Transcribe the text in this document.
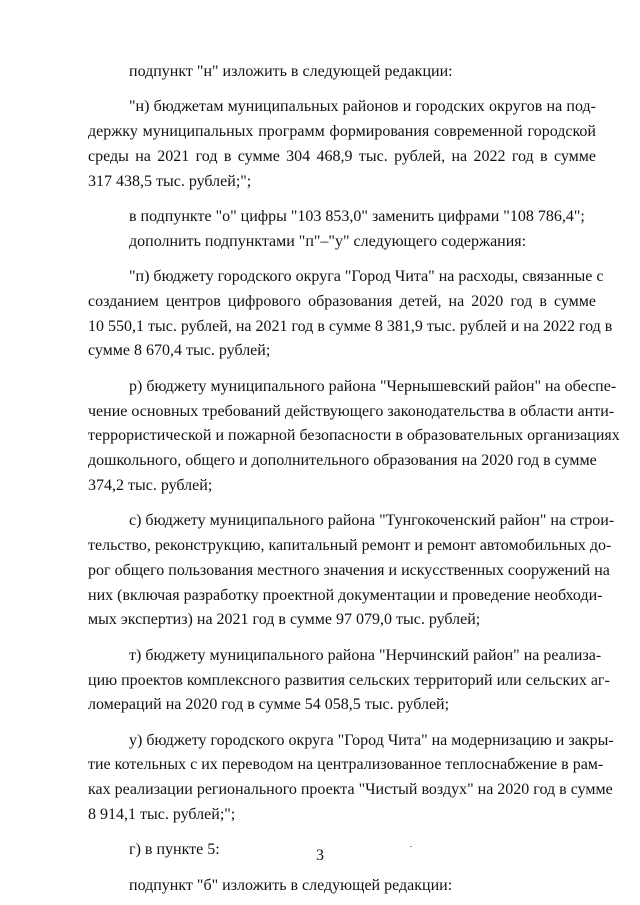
подпункт "н" изложить в следующей редакции:
"н) бюджетам муниципальных районов и городских округов на под-
держку муниципальных программ формирования современной городской
среды на 2021 год в сумме 304 468,9 тыс. рублей, на 2022 год в сумме
317 438,5 тыс. рублей;";
в подпункте "о" цифры "103 853,0" заменить цифрами "108 786,4";
дополнить подпунктами "п"–"у" следующего содержания:
"п) бюджету городского округа "Город Чита" на расходы, связанные с
созданием центров цифрового образования детей, на 2020 год в сумме
10 550,1 тыс. рублей, на 2021 год в сумме 8 381,9 тыс. рублей и на 2022 год в
сумме 8 670,4 тыс. рублей;
р) бюджету муниципального района "Чернышевский район" на обеспе-
чение основных требований действующего законодательства в области анти-
террористической и пожарной безопасности в образовательных организациях
дошкольного, общего и дополнительного образования на 2020 год в сумме
374,2 тыс. рублей;
с) бюджету муниципального района "Тунгокоченский район" на строи-
тельство, реконструкцию, капитальный ремонт и ремонт автомобильных до-
рог общего пользования местного значения и искусственных сооружений на
них (включая разработку проектной документации и проведение необходи-
мых экспертиз) на 2021 год в сумме 97 079,0 тыс. рублей;
т) бюджету муниципального района "Нерчинский район" на реализа-
цию проектов комплексного развития сельских территорий или сельских аг-
ломераций на 2020 год в сумме 54 058,5 тыс. рублей;
у) бюджету городского округа "Город Чита" на модернизацию и закры-
тие котельных с их переводом на централизованное теплоснабжение в рам-
ках реализации регионального проекта "Чистый воздух" на 2020 год в сумме
8 914,1 тыс. рублей;";
г) в пункте 5:
подпункт "б" изложить в следующей редакции:
3
